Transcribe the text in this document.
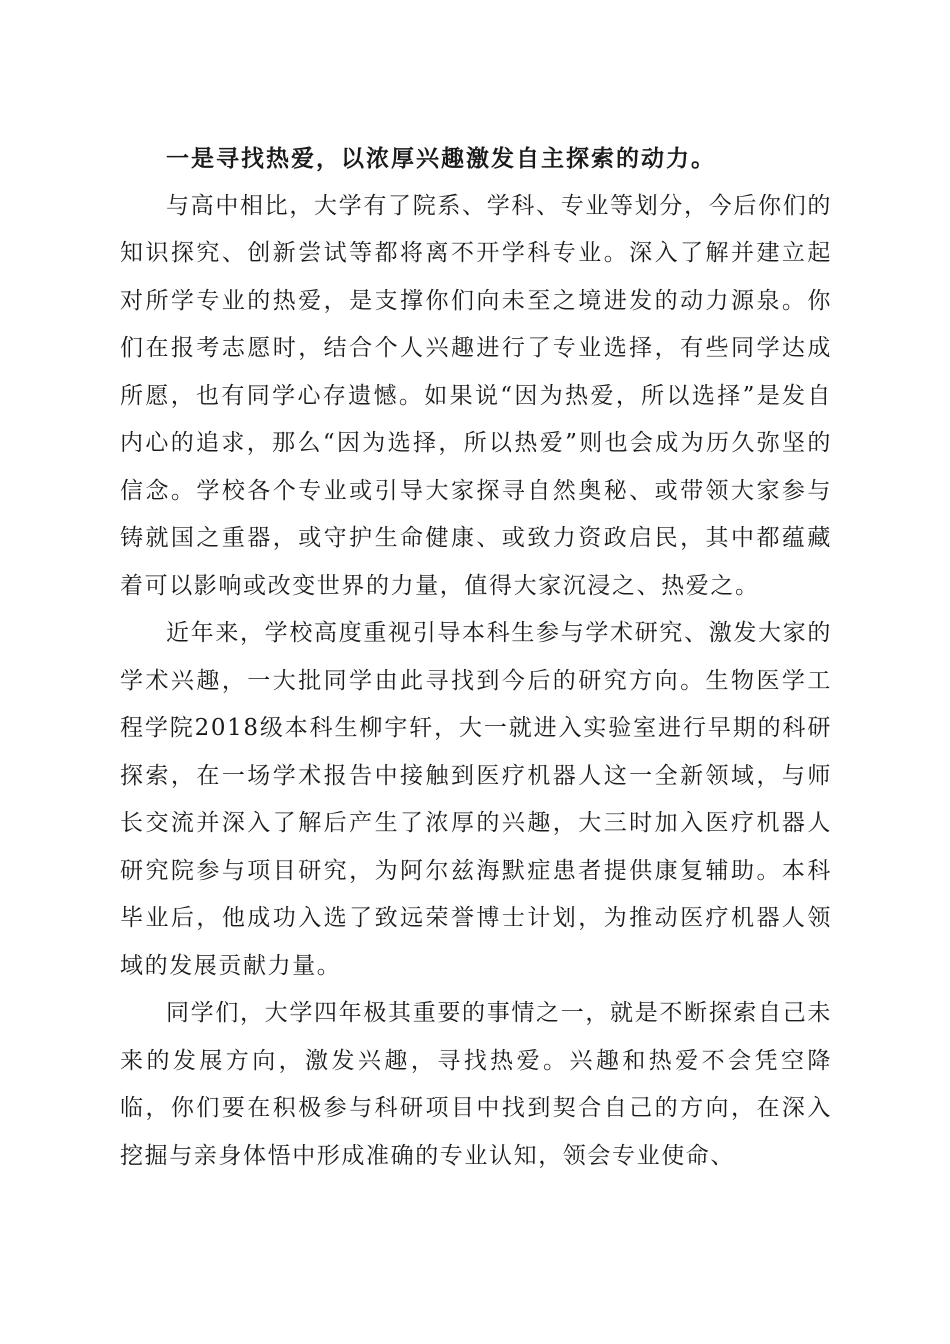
一是寻找热爱，以浓厚兴趣激发自主探索的动力。

与高中相比，大学有了院系、学科、专业等划分，今后你们的知识探究、创新尝试等都将离不开学科专业。深入了解并建立起对所学专业的热爱，是支撑你们向未至之境进发的动力源泉。你们在报考志愿时，结合个人兴趣进行了专业选择，有些同学达成所愿，也有同学心存遗憾。如果说“因为热爱，所以选择”是发自内心的追求，那么“因为选择，所以热爱”则也会成为历久弥坚的信念。学校各个专业或引导大家探寻自然奥秘、或带领大家参与铸就国之重器，或守护生命健康、或致力资政启民，其中都蕴藏着可以影响或改变世界的力量，值得大家沉浸之、热爱之。

近年来，学校高度重视引导本科生参与学术研究、激发大家的学术兴趣，一大批同学由此寻找到今后的研究方向。生物医学工程学院2018级本科生柳宇轩，大一就进入实验室进行早期的科研探索，在一场学术报告中接触到医疗机器人这一全新领域，与师长交流并深入了解后产生了浓厚的兴趣，大三时加入医疗机器人研究院参与项目研究，为阿尔兹海默症患者提供康复辅助。本科毕业后，他成功入选了致远荣誉博士计划，为推动医疗机器人领域的发展贡献力量。

同学们，大学四年极其重要的事情之一，就是不断探索自己未来的发展方向，激发兴趣，寻找热爱。兴趣和热爱不会凭空降临，你们要在积极参与科研项目中找到契合自己的方向，在深入挖掘与亲身体悟中形成准确的专业认知，领会专业使命、
